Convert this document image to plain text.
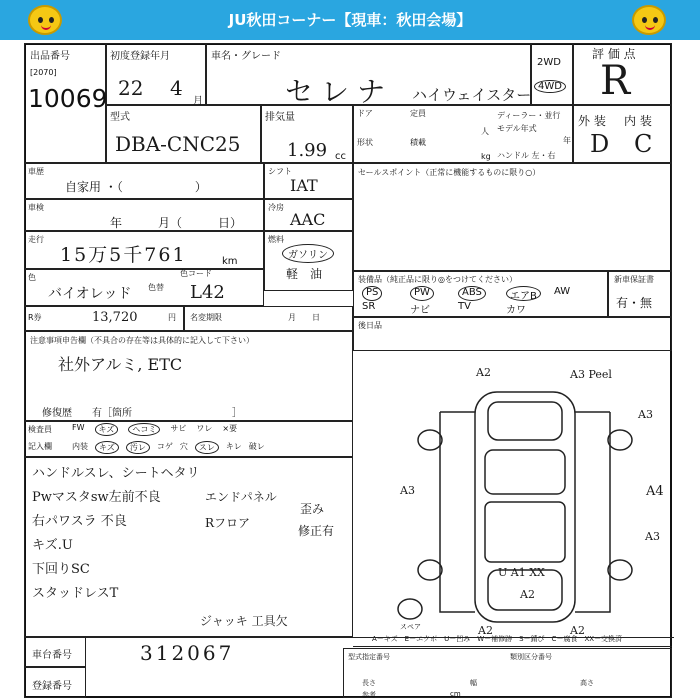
JU秋田コーナー【現車：秋田会場】
出品番号
[2070]
10069
初度登録年月
22 4
月
車名・グレード
セレナ ハイウェイスター
2WD
4WD
評 価 点
R
型式
DBA-CNC25
排気量
1.99 cc
ドア	定員
人
ディーラー・並行
モデル年式
年
形状	積載
kg ハンドル 左・右
外 装 内 装
D C
車歴
自家用 ・（　　　　　　）
シフト
IAT
車検
年　　　月（　　　日）
冷房
AAC
走行
15万5千761	km
燃料
ガソリン
軽　油
色
バイオレッド 色替
色コード
L42
R券	13,720	円 名変期限	月　　日
セールスポイント（正常に機能するものに限り○）
装備品（純正品に限り◎をつけてください）
PS	PW	ABS	エアB	AW
SR	ナビ	TV	カワ
新車保証書
有・無
後日品
注意事項申告欄（不具合の存在等は具体的に記入して下さい）
社外アルミ, ETC
修復歴　　有［箇所　　　　　　　　　　］
検査員
記入欄
FW	キズ	ヘコミ	サビ ワレ ×要
内装	キズ	汚レ	コゲ 穴	スレ	キレ 破レ
ハンドルスレ、シートヘタリ
Pwマスタsw左前不良
右パワスラ 不良
キズ.U
下回りSC
スタッドレスT
エンドパネル
Rフロア
歪み
修正有
ジャッキ 工具欠
A2	A3 Peel
A3
A4
A3
A3
U A1 XX
A2
A2	A2
スペア
A－キズ　E－エクボ　U－凹み　W－補修跡　S－錆び　C－腐食　XX－交換済
車台番号	312067
登録番号
型式指定番号	類別区分番号
長さ	幅	高さ
参考	cm
